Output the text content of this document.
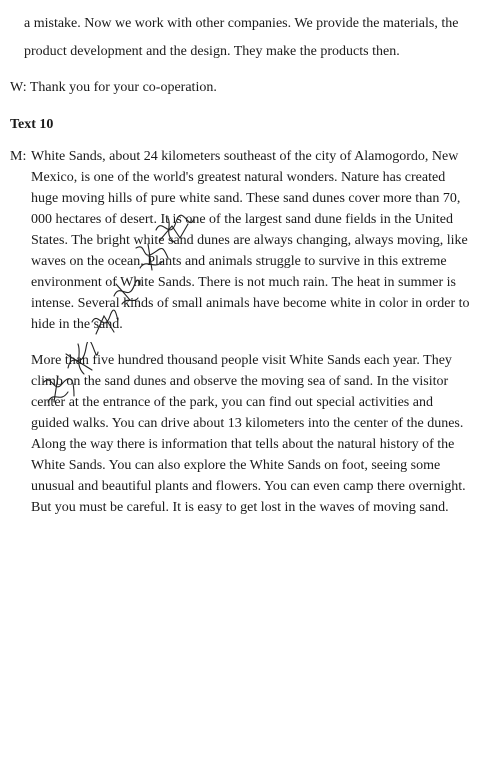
a mistake. Now we work with other companies. We provide the materials, the product development and the design. They make the products then.

W: Thank you for your co-operation.

Text 10

M: White Sands, about 24 kilometers southeast of the city of Alamogordo, New Mexico, is one of the world's greatest natural wonders. Nature has created huge moving hills of pure white sand. These sand dunes cover more than 70, 000 hectares of desert. It is one of the largest sand dune fields in the United States. The bright white sand dunes are always changing, always moving, like waves on the ocean. Plants and animals struggle to survive in this extreme environment of White Sands. There is not much rain. The heat in summer is intense. Several kinds of small animals have become white in color in order to hide in the sand.

More than five hundred thousand people visit White Sands each year. They climb on the sand dunes and observe the moving sea of sand. In the visitor center at the entrance of the park, you can find out special activities and guided walks. You can drive about 13 kilometers into the center of the dunes. Along the way there is information that tells about the natural history of the White Sands. You can also explore the White Sands on foot, seeing some unusual and beautiful plants and flowers. You can even camp there overnight. But you must be careful. It is easy to get lost in the waves of moving sand.
